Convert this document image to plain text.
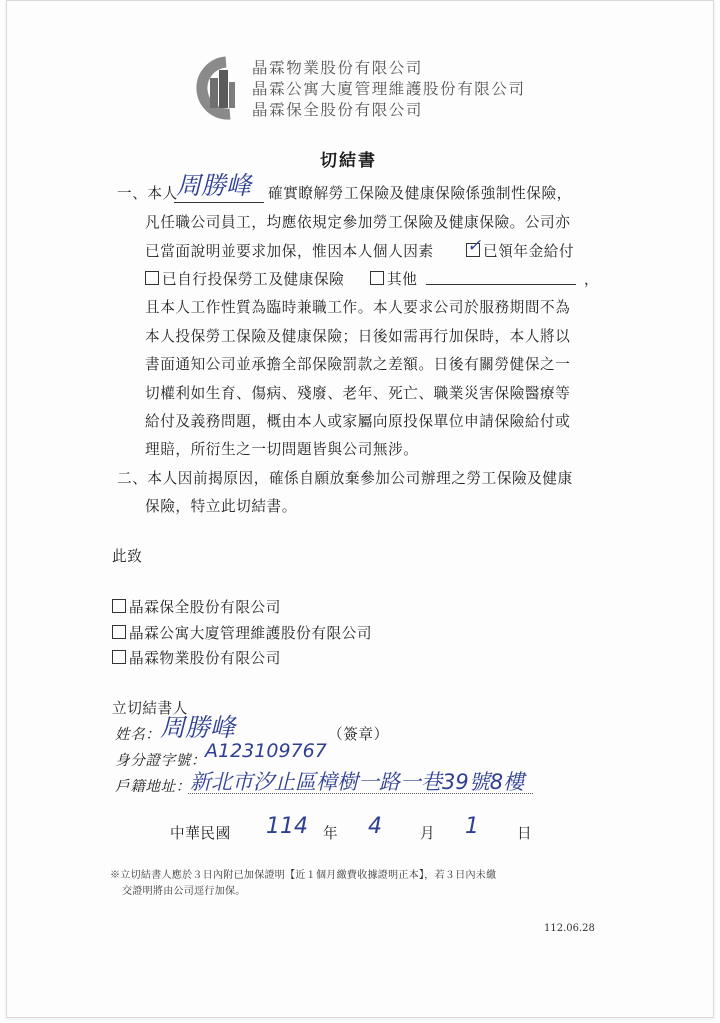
晶霖物業股份有限公司
晶霖公寓大廈管理維護股份有限公司
晶霖保全股份有限公司
切結書
一、本人
周勝峰 確實瞭解勞工保險及健康保險係強制性保險，
凡任職公司員工，均應依規定參加勞工保險及健康保險。公司亦
已當面說明並要求加保，惟因本人個人因素 ✓ 已領年金給付
已自行投保勞工及健康保險	其他	，
且本人工作性質為臨時兼職工作。本人要求公司於服務期間不為
本人投保勞工保險及健康保險；日後如需再行加保時，本人將以
書面通知公司並承擔全部保險罰款之差額。日後有關勞健保之一
切權利如生育、傷病、殘廢、老年、死亡、職業災害保險醫療等
給付及義務問題，概由本人或家屬向原投保單位申請保險給付或
理賠，所衍生之一切問題皆與公司無涉。
二、本人因前揭原因，確係自願放棄參加公司辦理之勞工保險及健康
保險，特立此切結書。
此致
晶霖保全股份有限公司
晶霖公寓大廈管理維護股份有限公司
晶霖物業股份有限公司
立切結書人
姓名： 周勝峰	（簽章）
身分證字號：
A123109767
戶籍地址： 新北市汐止區樟樹一路一巷39號8樓
中華民國 114 年 4	月 1	日
※立切結書人應於３日內附已加保證明【近１個月繳費收據證明正本】，若３日內未繳
交證明將由公司逕行加保。
112.06.28
